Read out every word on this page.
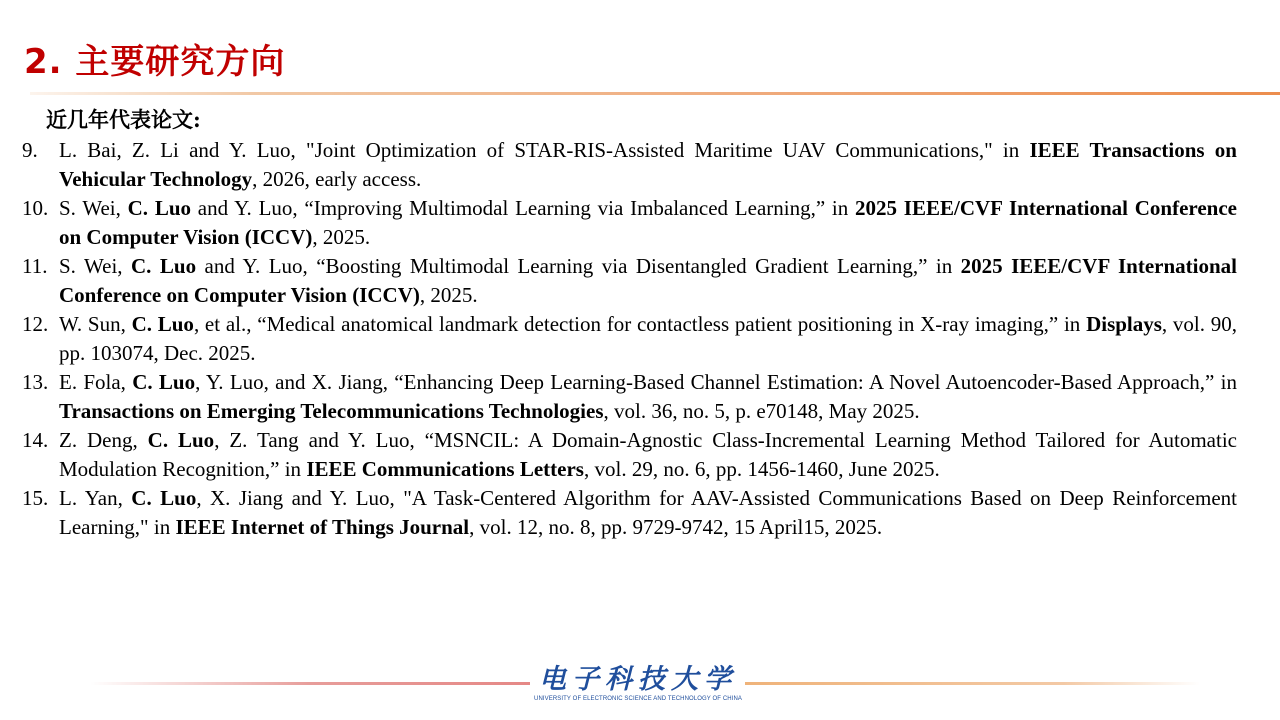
2. 主要研究方向
近几年代表论文:
9. L. Bai, Z. Li and Y. Luo, "Joint Optimization of STAR-RIS-Assisted Maritime UAV Communications," in IEEE Transactions on Vehicular Technology, 2026, early access.
10. S. Wei, C. Luo and Y. Luo, “Improving Multimodal Learning via Imbalanced Learning,” in 2025 IEEE/CVF International Conference on Computer Vision (ICCV), 2025.
11. S. Wei, C. Luo and Y. Luo, “Boosting Multimodal Learning via Disentangled Gradient Learning,” in 2025 IEEE/CVF International Conference on Computer Vision (ICCV), 2025.
12. W. Sun, C. Luo, et al., “Medical anatomical landmark detection for contactless patient positioning in X-ray imaging,” in Displays, vol. 90, pp. 103074, Dec. 2025.
13. E. Fola, C. Luo, Y. Luo, and X. Jiang, “Enhancing Deep Learning-Based Channel Estimation: A Novel Autoencoder-Based Approach,” in Transactions on Emerging Telecommunications Technologies, vol. 36, no. 5, p. e70148, May 2025.
14. Z. Deng, C. Luo, Z. Tang and Y. Luo, “MSNCIL: A Domain-Agnostic Class-Incremental Learning Method Tailored for Automatic Modulation Recognition,” in IEEE Communications Letters, vol. 29, no. 6, pp. 1456-1460, June 2025.
15. L. Yan, C. Luo, X. Jiang and Y. Luo, "A Task-Centered Algorithm for AAV-Assisted Communications Based on Deep Reinforcement Learning," in IEEE Internet of Things Journal, vol. 12, no. 8, pp. 9729-9742, 15 April15, 2025.
电子科技大学
UNIVERSITY OF ELECTRONIC SCIENCE AND TECHNOLOGY OF CHINA
